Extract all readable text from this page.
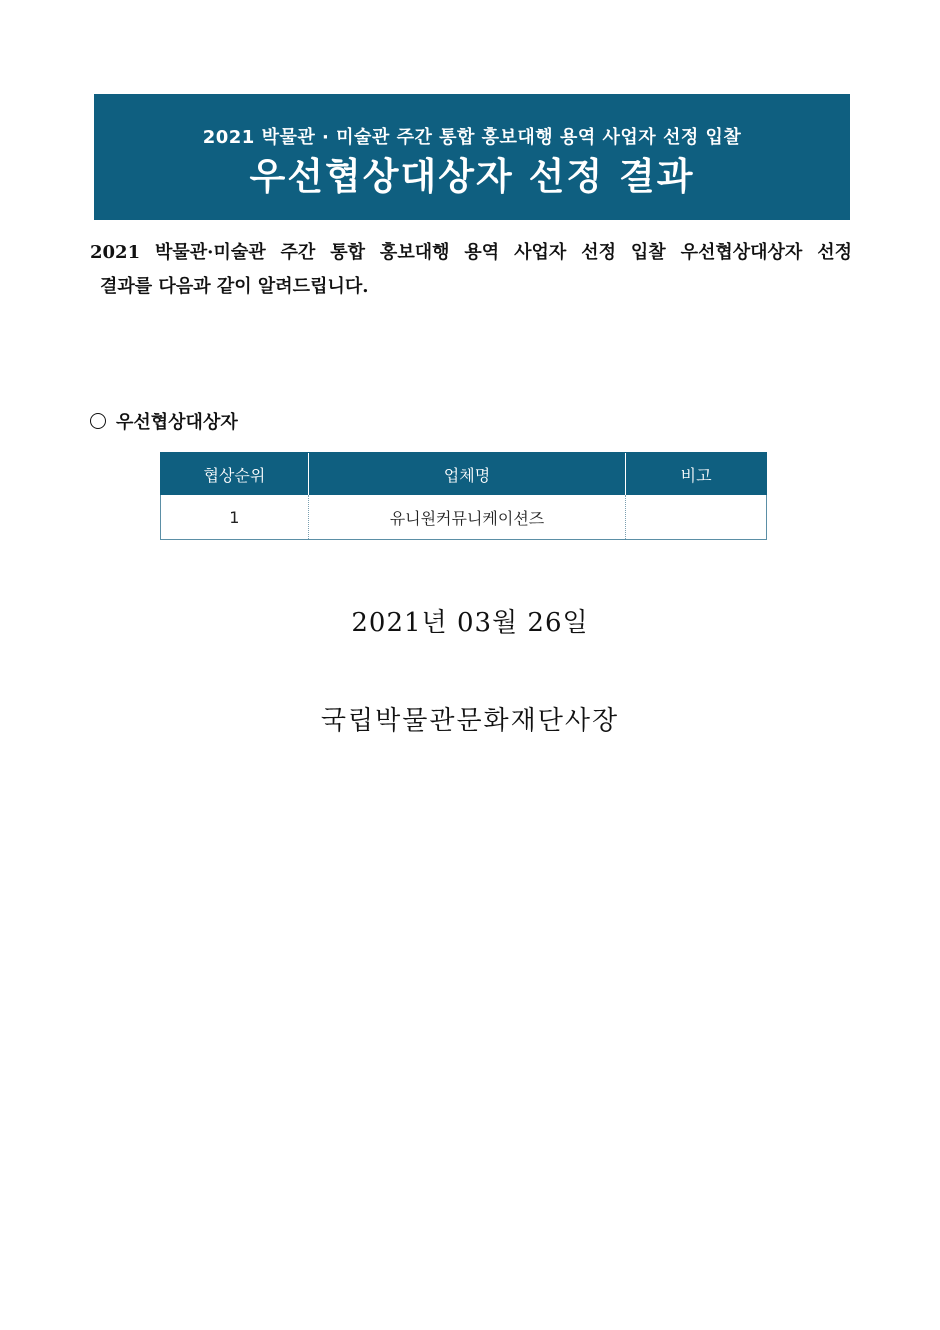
2021 박물관 · 미술관 주간 통합 홍보대행 용역 사업자 선정 입찰
우선협상대상자 선정 결과
2021 박물관·미술관 주간 통합 홍보대행 용역 사업자 선정 입찰 우선협상대상자 선정
결과를 다음과 같이 알려드립니다.
우선협상대상자
협상순위	업체명	비고
1	유니원커뮤니케이션즈	
2021년 03월 26일
국립박물관문화재단사장
